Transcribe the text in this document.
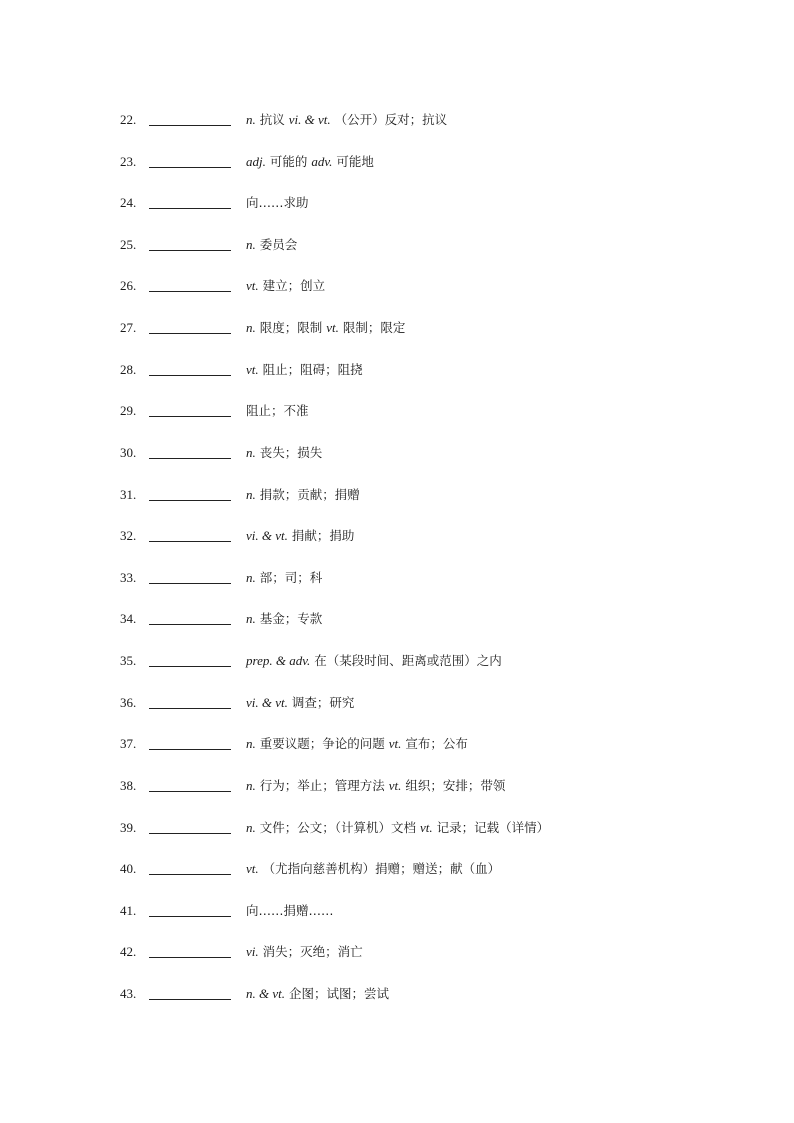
22.	n. 抗议 vi. & vt. （公开）反对；抗议
23.	adj. 可能的 adv. 可能地
24.	向……求助
25.	n. 委员会
26.	vt. 建立；创立
27.	n. 限度；限制 vt. 限制；限定
28.	vt. 阻止；阻碍；阻挠
29.	阻止；不准
30.	n. 丧失；损失
31.	n. 捐款；贡献；捐赠
32.	vi. & vt. 捐献；捐助
33.	n. 部；司；科
34.	n. 基金；专款
35.	prep. & adv. 在（某段时间、距离或范围）之内
36.	vi. & vt. 调查；研究
37.	n. 重要议题；争论的问题 vt. 宣布；公布
38.	n. 行为；举止；管理方法 vt. 组织；安排；带领
39.	n. 文件；公文；（计算机）文档 vt. 记录；记载（详情）
40.	vt. （尤指向慈善机构）捐赠；赠送；献（血）
41.	向……捐赠……
42.	vi. 消失；灭绝；消亡
43.	n. & vt. 企图；试图；尝试
